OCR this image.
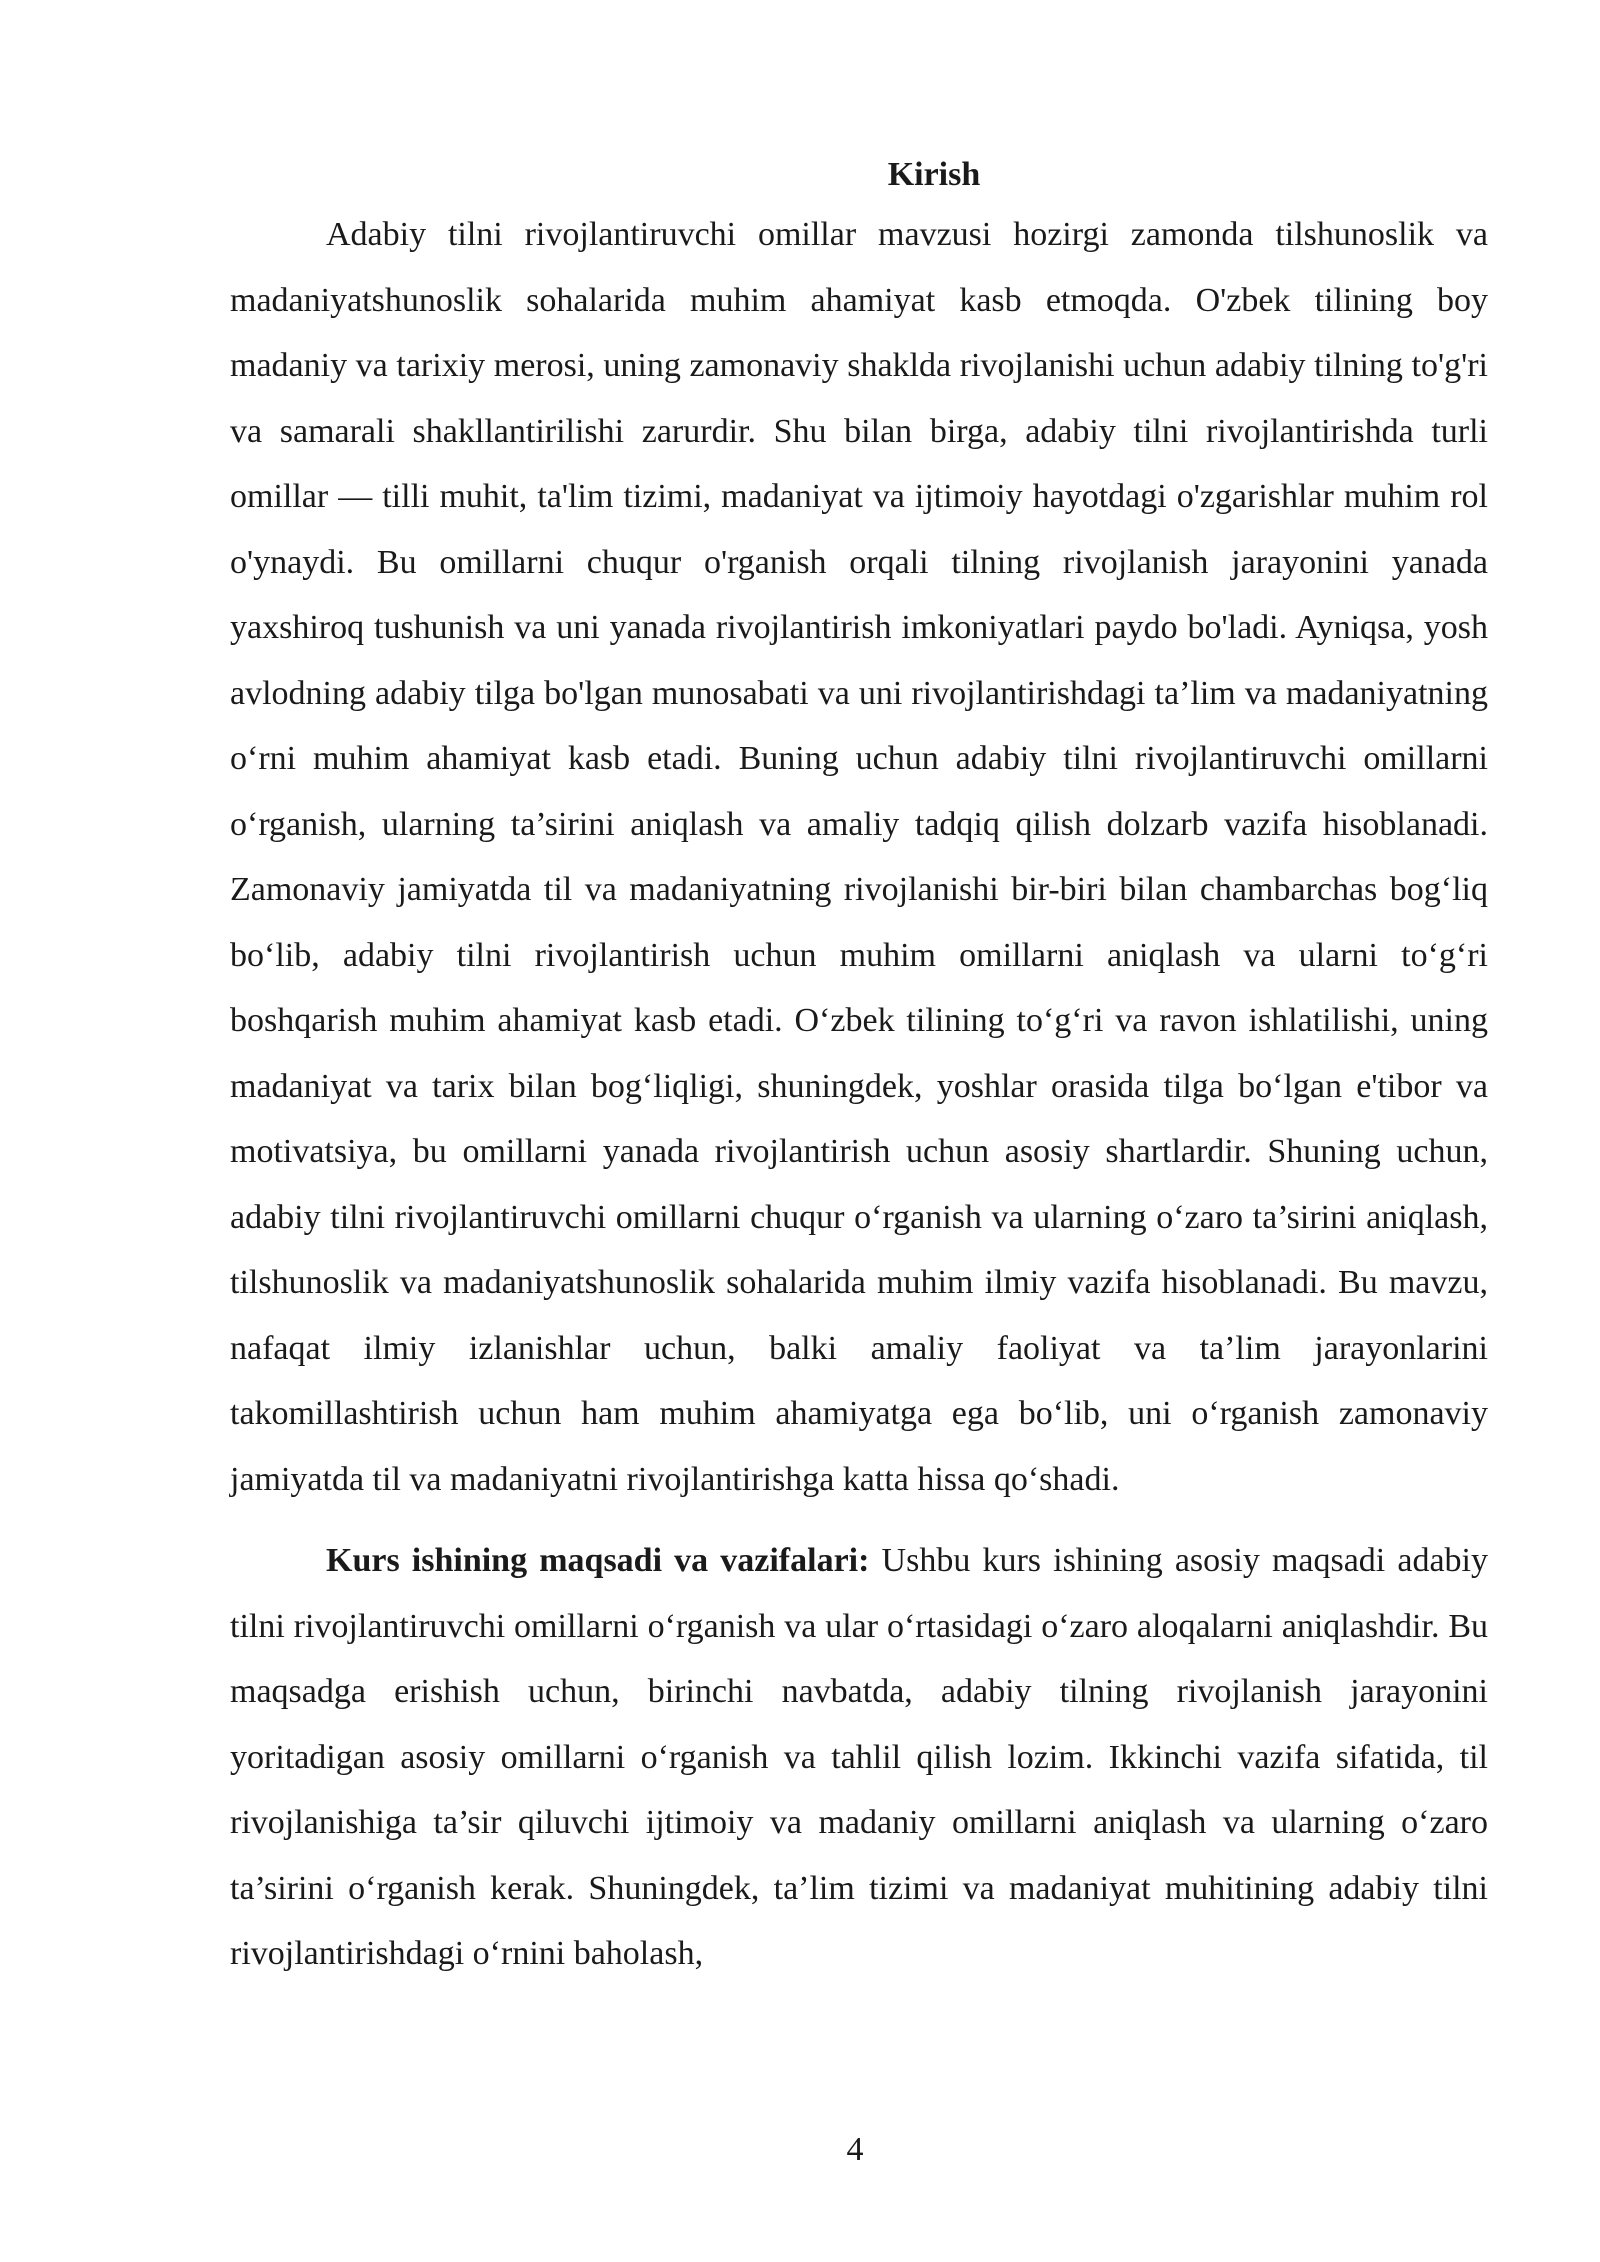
Kirish

Adabiy tilni rivojlantiruvchi omillar mavzusi hozirgi zamonda tilshunoslik va madaniyatshunoslik sohalarida muhim ahamiyat kasb etmoqda. O'zbek tilining boy madaniy va tarixiy merosi, uning zamonaviy shaklda rivojlanishi uchun adabiy tilning to'g'ri va samarali shakllantirilishi zarurdir. Shu bilan birga, adabiy tilni rivojlantirishda turli omillar — tilli muhit, ta'lim tizimi, madaniyat va ijtimoiy hayotdagi o'zgarishlar muhim rol o'ynaydi. Bu omillarni chuqur o'rganish orqali tilning rivojlanish jarayonini yanada yaxshiroq tushunish va uni yanada rivojlantirish imkoniyatlari paydo bo'ladi. Ayniqsa, yosh avlodning adabiy tilga bo'lgan munosabati va uni rivojlantirishdagi ta’lim va madaniyatning o‘rni muhim ahamiyat kasb etadi. Buning uchun adabiy tilni rivojlantiruvchi omillarni o‘rganish, ularning ta’sirini aniqlash va amaliy tadqiq qilish dolzarb vazifa hisoblanadi. Zamonaviy jamiyatda til va madaniyatning rivojlanishi bir-biri bilan chambarchas bog‘liq bo‘lib, adabiy tilni rivojlantirish uchun muhim omillarni aniqlash va ularni to‘g‘ri boshqarish muhim ahamiyat kasb etadi. O‘zbek tilining to‘g‘ri va ravon ishlatilishi, uning madaniyat va tarix bilan bog‘liqligi, shuningdek, yoshlar orasida tilga bo‘lgan e'tibor va motivatsiya, bu omillarni yanada rivojlantirish uchun asosiy shartlardir. Shuning uchun, adabiy tilni rivojlantiruvchi omillarni chuqur o‘rganish va ularning o‘zaro ta’sirini aniqlash, tilshunoslik va madaniyatshunoslik sohalarida muhim ilmiy vazifa hisoblanadi. Bu mavzu, nafaqat ilmiy izlanishlar uchun, balki amaliy faoliyat va ta’lim jarayonlarini takomillashtirish uchun ham muhim ahamiyatga ega bo‘lib, uni o‘rganish zamonaviy jamiyatda til va madaniyatni rivojlantirishga katta hissa qo‘shadi.

Kurs ishining maqsadi va vazifalari: Ushbu kurs ishining asosiy maqsadi adabiy tilni rivojlantiruvchi omillarni o‘rganish va ular o‘rtasidagi o‘zaro aloqalarni aniqlashdir. Bu maqsadga erishish uchun, birinchi navbatda, adabiy tilning rivojlanish jarayonini yoritadigan asosiy omillarni o‘rganish va tahlil qilish lozim. Ikkinchi vazifa sifatida, til rivojlanishiga ta’sir qiluvchi ijtimoiy va madaniy omillarni aniqlash va ularning o‘zaro ta’sirini o‘rganish kerak. Shuningdek, ta’lim tizimi va madaniyat muhitining adabiy tilni rivojlantirishdagi o‘rnini baholash,

4
